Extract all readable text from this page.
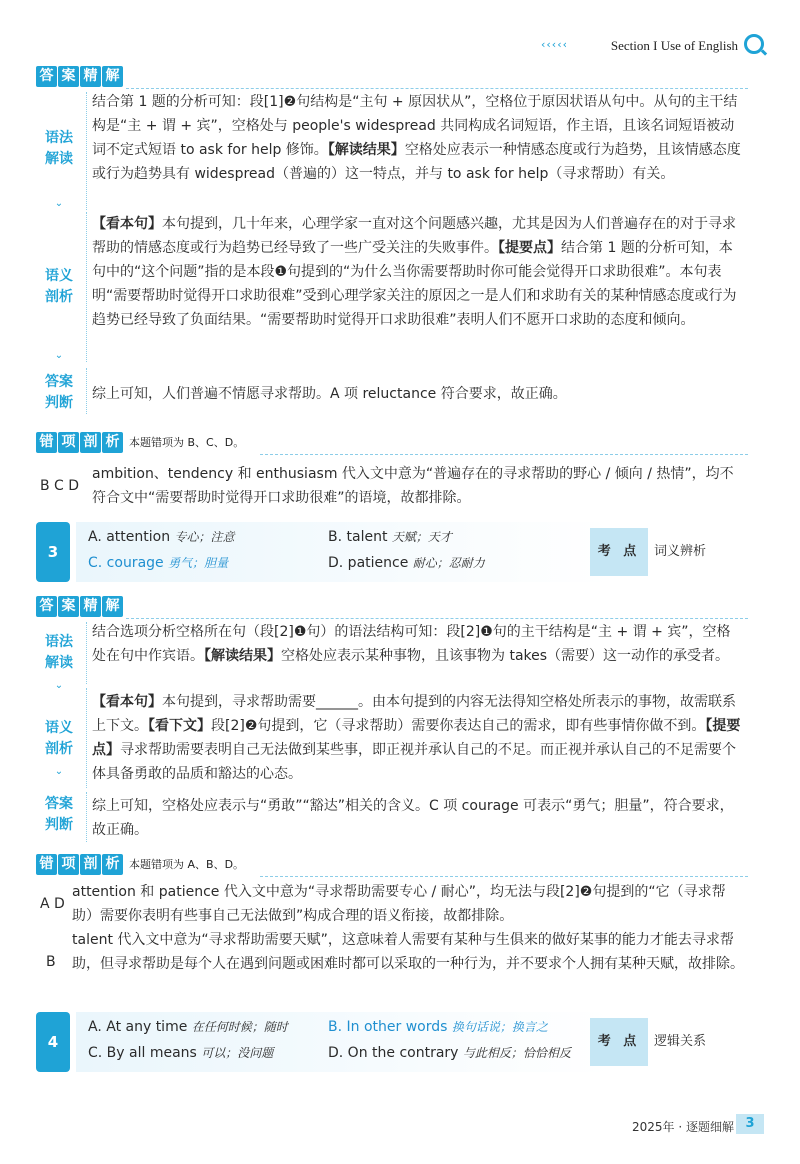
‹‹‹‹‹	Section I Use of English
答 案 精 解
语法
解读
⌄
结合第 1 题的分析可知：段[1]❷句结构是“主句 + 原因状从”，空格位于原因状语从句中。从句的主干结构是“主 + 谓 + 宾”，空格处与 people's widespread 共同构成名词短语，作主语，且该名词短语被动词不定式短语 to ask for help 修饰。【解读结果】空格处应表示一种情感态度或行为趋势，且该情感态度或行为趋势具有 widespread（普遍的）这一特点，并与 to ask for help（寻求帮助）有关。
语义
剖析
⌄
【看本句】本句提到，几十年来，心理学家一直对这个问题感兴趣，尤其是因为人们普遍存在的对于寻求帮助的情感态度或行为趋势已经导致了一些广受关注的失败事件。【提要点】结合第 1 题的分析可知，本句中的“这个问题”指的是本段❶句提到的“为什么当你需要帮助时你可能会觉得开口求助很难”。本句表明“需要帮助时觉得开口求助很难”受到心理学家关注的原因之一是人们和求助有关的某种情感态度或行为趋势已经导致了负面结果。“需要帮助时觉得开口求助很难”表明人们不愿开口求助的态度和倾向。
答案
判断
综上可知，人们普遍不情愿寻求帮助。A 项 reluctance 符合要求，故正确。
错 项 剖 析 本题错项为 B、C、D。
B C D
ambition、tendency 和 enthusiasm 代入文中意为“普遍存在的寻求帮助的野心 / 倾向 / 热情”，均不符合文中“需要帮助时觉得开口求助很难”的语境，故都排除。
3
A. attention 专心；注意	B. talent 天赋；天才
C. courage 勇气；胆量	D. patience 耐心；忍耐力
考 点	词义辨析
答 案 精 解
语法
解读
⌄
结合选项分析空格所在句（段[2]❶句）的语法结构可知：段[2]❶句的主干结构是“主 + 谓 + 宾”，空格处在句中作宾语。【解读结果】空格处应表示某种事物，且该事物为 takes（需要）这一动作的承受者。
语义
剖析
⌄
【看本句】本句提到，寻求帮助需要______。由本句提到的内容无法得知空格处所表示的事物，故需联系上下文。【看下文】段[2]❷句提到，它（寻求帮助）需要你表达自己的需求，即有些事情你做不到。【提要点】寻求帮助需要表明自己无法做到某些事，即正视并承认自己的不足。而正视并承认自己的不足需要个体具备勇敢的品质和豁达的心态。
答案
判断
综上可知，空格处应表示与“勇敢”“豁达”相关的含义。C 项 courage 可表示“勇气；胆量”，符合要求，故正确。
错 项 剖 析 本题错项为 A、B、D。
A D
attention 和 patience 代入文中意为“寻求帮助需要专心 / 耐心”，均无法与段[2]❷句提到的“它（寻求帮助）需要你表明有些事自己无法做到”构成合理的语义衔接，故都排除。
B
talent 代入文中意为“寻求帮助需要天赋”，这意味着人需要有某种与生俱来的做好某事的能力才能去寻求帮助，但寻求帮助是每个人在遇到问题或困难时都可以采取的一种行为，并不要求个人拥有某种天赋，故排除。
4
A. At any time 在任何时候；随时	B. In other words 换句话说；换言之
C. By all means 可以；没问题	D. On the contrary 与此相反；恰恰相反
考 点	逻辑关系
2025年 · 逐题细解 3
